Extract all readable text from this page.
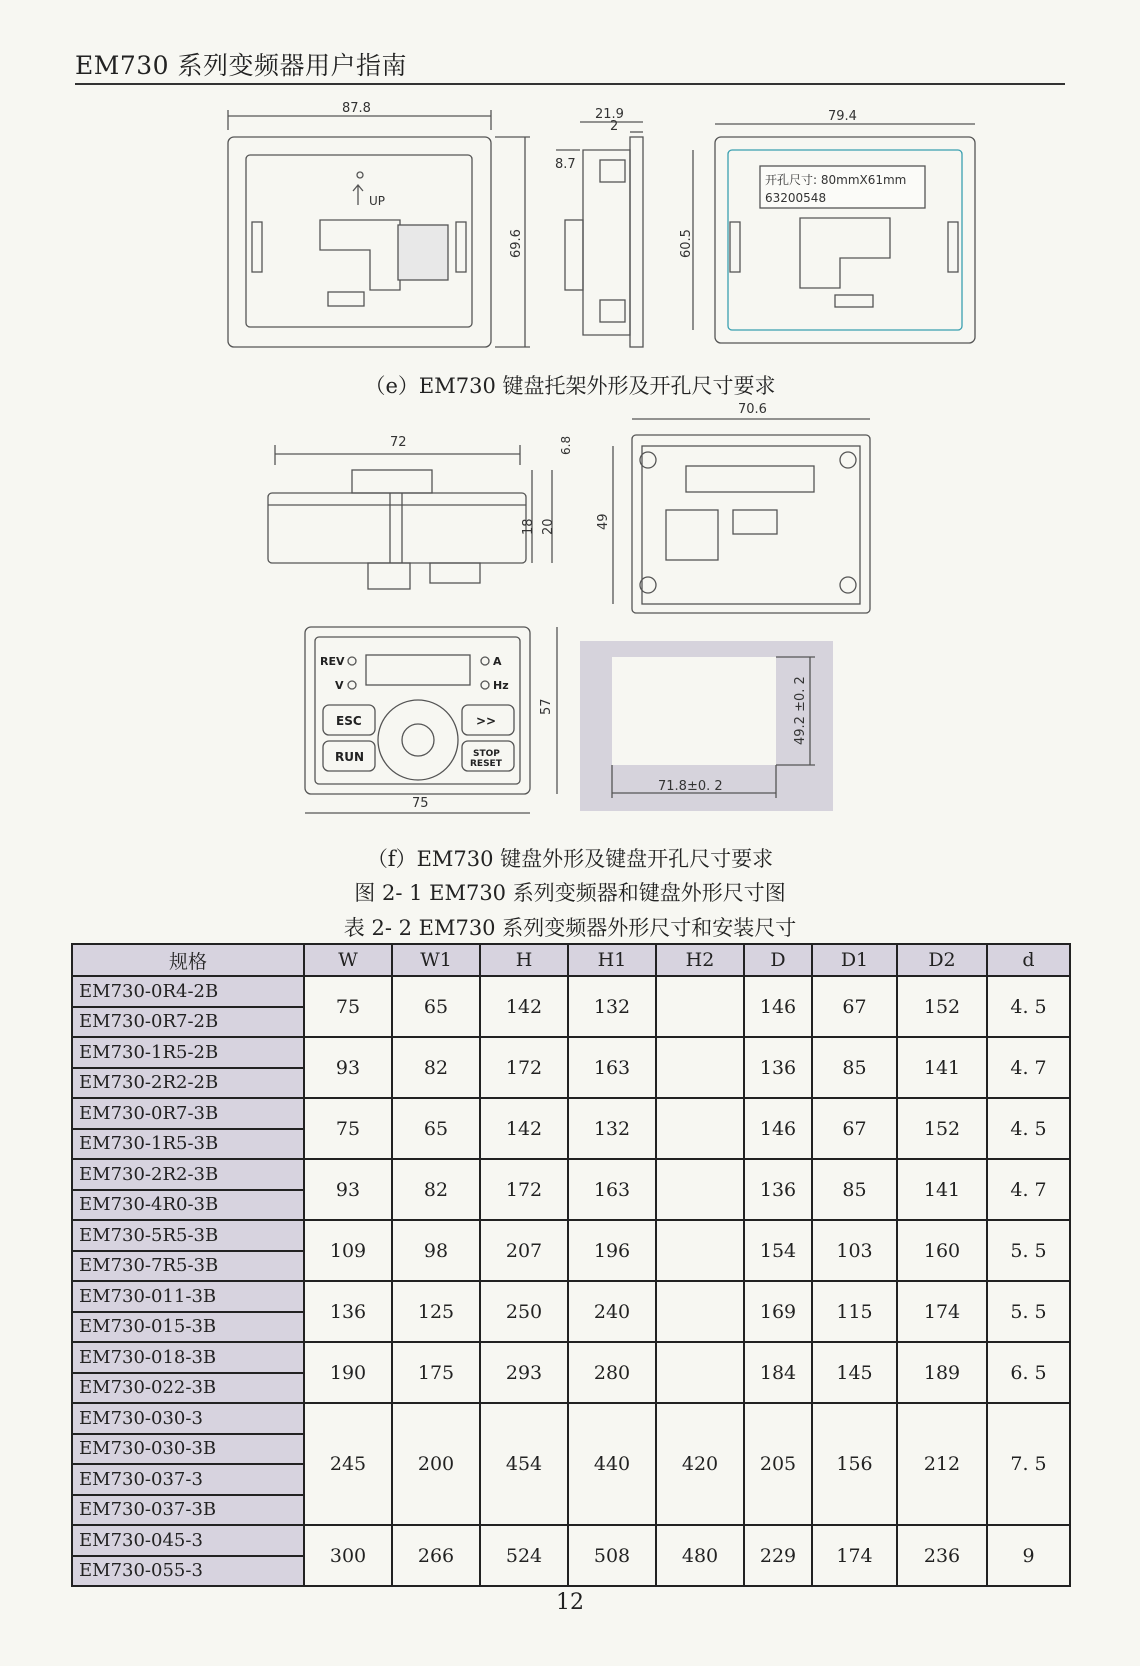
EM730 系列变频器用户指南
UP
87.8
69.6
21.9
2
8.7
79.4
60.5
开孔尺寸: 80mmX61mm
63200548
（e）EM730 键盘托架外形及开孔尺寸要求
72	6.8
18 20
70.6
49
REV
V
A
Hz
ESC	>>
RUN	STOP
RESET
75
57
71.8±0. 2
49.2 ±0. 2
（f）EM730 键盘外形及键盘开孔尺寸要求
图 2- 1 EM730 系列变频器和键盘外形尺寸图
表 2- 2 EM730 系列变频器外形尺寸和安装尺寸
规格	W	W1	H	H1	H2	D	D1	D2	d
EM730-0R4-2B	75	65	142	132		146	67	152	4. 5
EM730-0R7-2B									
EM730-1R5-2B	93	82	172	163		136	85	141	4. 7
EM730-2R2-2B									
EM730-0R7-3B	75	65	142	132		146	67	152	4. 5
EM730-1R5-3B									
EM730-2R2-3B	93	82	172	163		136	85	141	4. 7
EM730-4R0-3B									
EM730-5R5-3B	109	98	207	196		154	103	160	5. 5
EM730-7R5-3B									
EM730-011-3B	136	125	250	240		169	115	174	5. 5
EM730-015-3B									
EM730-018-3B	190	175	293	280		184	145	189	6. 5
EM730-022-3B									
EM730-030-3	245	200	454	440	420	205	156	212	7. 5
EM730-030-3B									
EM730-037-3									
EM730-037-3B									
EM730-045-3	300	266	524	508	480	229	174	236	9
EM730-055-3									
12
